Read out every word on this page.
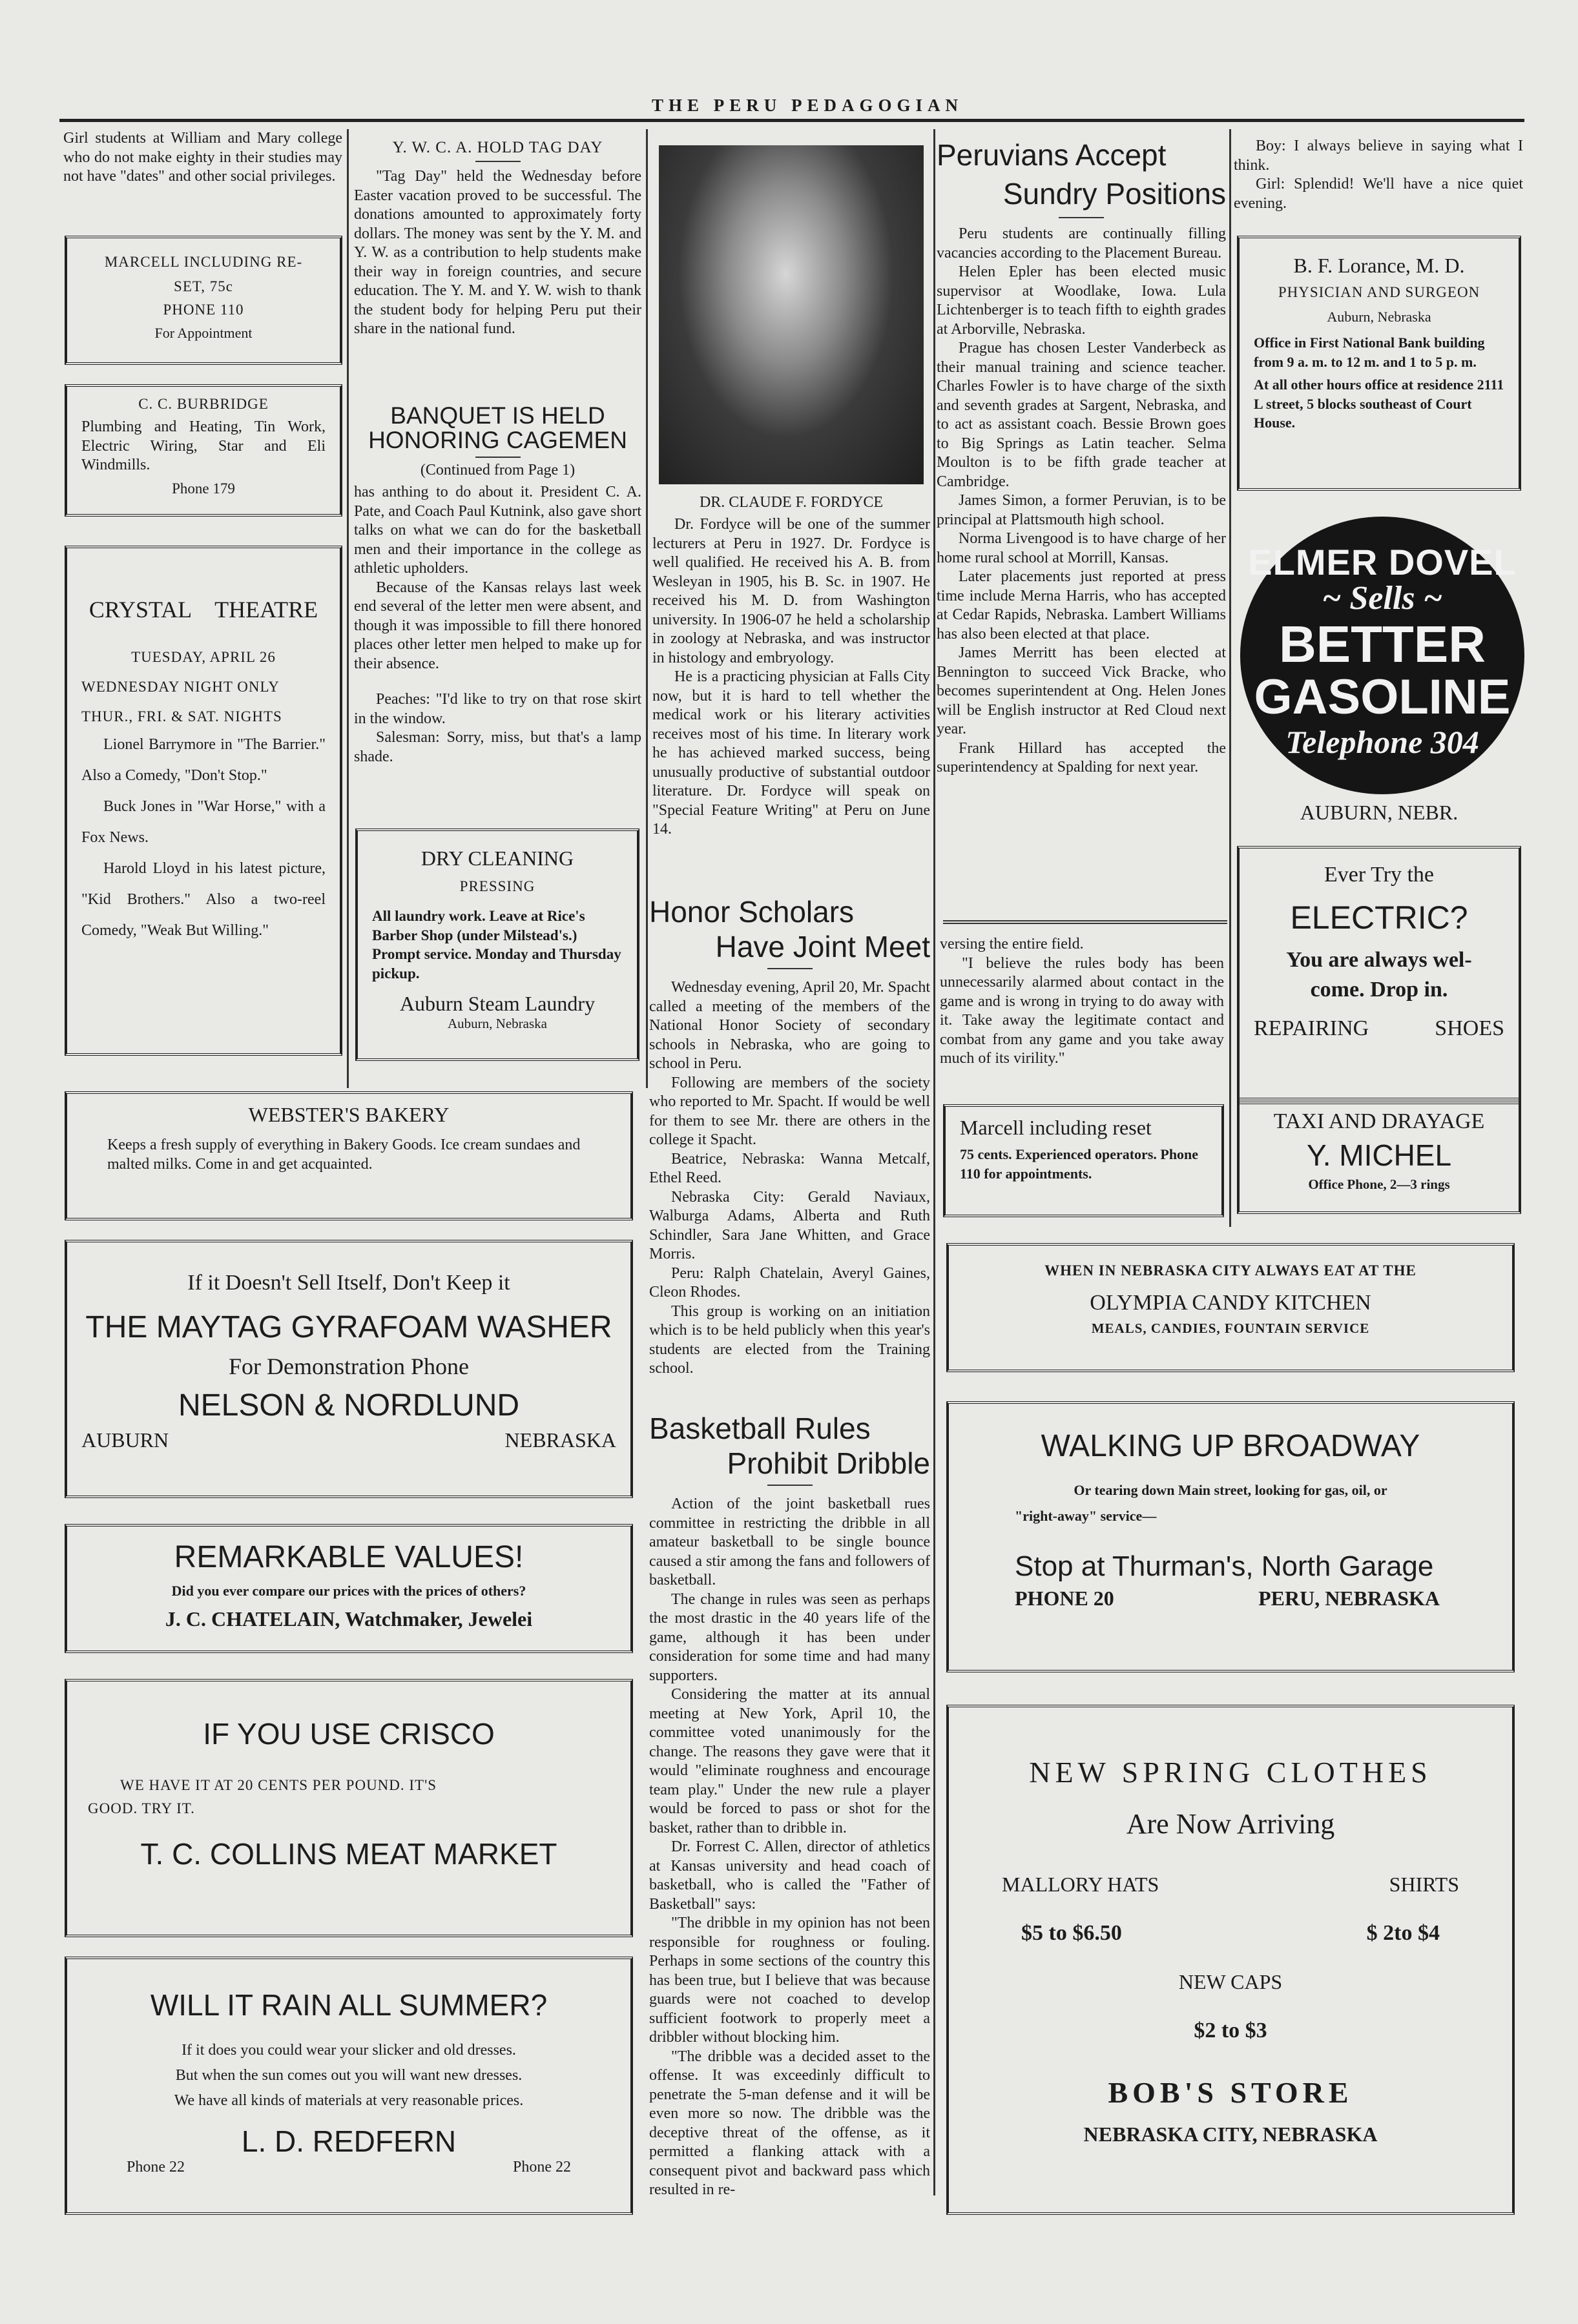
THE PERU PEDAGOGIAN

Girl students at William and Mary college who do not make eighty in their studies may not have "dates" and other social privileges.

MARCELL INCLUDING RE-
SET, 75c
PHONE 110
For Appointment
C. C. BURBRIDGE

Plumbing and Heating, Tin Work, Electric Wiring, Star and Eli Windmills.

Phone 179
CRYSTAL THEATRE
TUESDAY, APRIL 26
WEDNESDAY NIGHT ONLY
THUR., FRI. & SAT. NIGHTS

Lionel Barrymore in "The Barrier." Also a Comedy, "Don't Stop."

Buck Jones in "War Horse," with a Fox News.

Harold Lloyd in his latest picture, "Kid Brothers." Also a two-reel Comedy, "Weak But Willing."

Y. W. C. A. HOLD TAG DAY

"Tag Day" held the Wednesday before Easter vacation proved to be successful. The donations amounted to approximately forty dollars. The money was sent by the Y. M. and Y. W. as a contribution to help students make their way in foreign countries, and secure education. The Y. M. and Y. W. wish to thank the student body for helping Peru put their share in the national fund.

BANQUET IS HELD
HONORING CAGEMEN
(Continued from Page 1)

has anthing to do about it. President C. A. Pate, and Coach Paul Kutnink, also gave short talks on what we can do for the basketball men and their importance in the college as athletic upholders.

Because of the Kansas relays last week end several of the letter men were absent, and though it was impossible to fill there honored places other letter men helped to make up for their absence.

Peaches: "I'd like to try on that rose skirt in the window.

Salesman: Sorry, miss, but that's a lamp shade.

DRY CLEANING
PRESSING

All laundry work. Leave at Rice's Barber Shop (under Milstead's.) Prompt service. Monday and Thursday pickup.

Auburn Steam Laundry
Auburn, Nebraska
DR. CLAUDE F. FORDYCE

Dr. Fordyce will be one of the summer lecturers at Peru in 1927. Dr. Fordyce is well qualified. He received his A. B. from Wesleyan in 1905, his B. Sc. in 1907. He received his M. D. from Washington university. In 1906-07 he held a scholarship in zoology at Nebraska, and was instructor in histology and embryology.

He is a practicing physician at Falls City now, but it is hard to tell whether the medical work or his literary activities receives most of his time. In literary work he has achieved marked success, being unusually productive of substantial outdoor literature. Dr. Fordyce will speak on "Special Feature Writing" at Peru on June 14.

Honor Scholars

Have Joint Meet

Wednesday evening, April 20, Mr. Spacht called a meeting of the members of the National Honor Society of secondary schools in Nebraska, who are going to school in Peru.

Following are members of the society who reported to Mr. Spacht. If would be well for them to see Mr. there are others in the college it Spacht.

Beatrice, Nebraska: Wanna Metcalf, Ethel Reed.

Nebraska City: Gerald Naviaux, Walburga Adams, Alberta and Ruth Schindler, Sara Jane Whitten, and Grace Morris.

Peru: Ralph Chatelain, Averyl Gaines, Cleon Rhodes.

This group is working on an initiation which is to be held publicly when this year's students are elected from the Training school.

Basketball Rules

Prohibit Dribble

Action of the joint basketball rues committee in restricting the dribble in all amateur basketball to be single bounce caused a stir among the fans and followers of basketball.

The change in rules was seen as perhaps the most drastic in the 40 years life of the game, although it has been under consideration for some time and had many supporters.

Considering the matter at its annual meeting at New York, April 10, the committee voted unanimously for the change. The reasons they gave were that it would "eliminate roughness and encourage team play." Under the new rule a player would be forced to pass or shot for the basket, rather than to dribble in.

Dr. Forrest C. Allen, director of athletics at Kansas university and head coach of basketball, who is called the "Father of Basketball" says:

"The dribble in my opinion has not been responsible for roughness or fouling. Perhaps in some sections of the country this has been true, but I believe that was because guards were not coached to develop sufficient footwork to properly meet a dribbler without blocking him.

"The dribble was a decided asset to the offense. It was exceedinly difficult to penetrate the 5-man defense and it will be even more so now. The dribble was the deceptive threat of the offense, as it permitted a flanking attack with a consequent pivot and backward pass which resulted in re-

Peruvians Accept

Sundry Positions

Peru students are continually filling vacancies according to the Placement Bureau.

Helen Epler has been elected music supervisor at Woodlake, Iowa. Lula Lichtenberger is to teach fifth to eighth grades at Arborville, Nebraska.

Prague has chosen Lester Vanderbeck as their manual training and science teacher. Charles Fowler is to have charge of the sixth and seventh grades at Sargent, Nebraska, and to act as assistant coach. Bessie Brown goes to Big Springs as Latin teacher. Selma Moulton is to be fifth grade teacher at Cambridge.

James Simon, a former Peruvian, is to be principal at Plattsmouth high school.

Norma Livengood is to have charge of her home rural school at Morrill, Kansas.

Later placements just reported at press time include Merna Harris, who has accepted at Cedar Rapids, Nebraska. Lambert Williams has also been elected at that place.

James Merritt has been elected at Bennington to succeed Vick Bracke, who becomes superintendent at Ong. Helen Jones will be English instructor at Red Cloud next year.

Frank Hillard has accepted the superintendency at Spalding for next year.

versing the entire field.

"I believe the rules body has been unnecessarily alarmed about contact in the game and is wrong in trying to do away with it. Take away the legitimate contact and combat from any game and you take away much of its virility."

Marcell including reset

75 cents. Experienced operators. Phone 110 for appointments.

Boy: I always believe in saying what I think.

Girl: Splendid! We'll have a nice quiet evening.

B. F. Lorance, M. D.
PHYSICIAN AND SURGEON
Auburn, Nebraska

Office in First National Bank building from 9 a. m. to 12 m. and 1 to 5 p. m.

At all other hours office at residence 2111 L street, 5 blocks southeast of Court House.

ELMER DOVEL
~ Sells ~
BETTER
GASOLINE
Telephone 304
AUBURN, NEBR.
Ever Try the
ELECTRIC?
You are always wel-
come. Drop in.
REPAIRING	SHOES
TAXI AND DRAYAGE
Y. MICHEL
Office Phone, 2—3 rings
WEBSTER'S BAKERY

Keeps a fresh supply of everything in Bakery Goods. Ice cream sundaes and malted milks. Come in and get acquainted.

If it Doesn't Sell Itself, Don't Keep it
THE MAYTAG GYRAFOAM WASHER
For Demonstration Phone
NELSON & NORDLUND
AUBURN	NEBRASKA
REMARKABLE VALUES!
Did you ever compare our prices with the prices of others?
J. C. CHATELAIN, Watchmaker, Jewelei
IF YOU USE CRISCO
WE HAVE IT AT 20 CENTS PER POUND. IT'S
GOOD. TRY IT.
T. C. COLLINS MEAT MARKET
WILL IT RAIN ALL SUMMER?
If it does you could wear your slicker and old dresses.
But when the sun comes out you will want new dresses.
We have all kinds of materials at very reasonable prices.
L. D. REDFERN
Phone 22	Phone 22
WHEN IN NEBRASKA CITY ALWAYS EAT AT THE
OLYMPIA CANDY KITCHEN
MEALS, CANDIES, FOUNTAIN SERVICE
WALKING UP BROADWAY
Or tearing down Main street, looking for gas, oil, or
"right-away" service—
Stop at Thurman's, North Garage
PHONE 20	PERU, NEBRASKA
NEW SPRING CLOTHES
Are Now Arriving
MALLORY HATS	SHIRTS
$5 to $6.50	$ 2to $4
NEW CAPS
$2 to $3
BOB'S STORE
NEBRASKA CITY, NEBRASKA
